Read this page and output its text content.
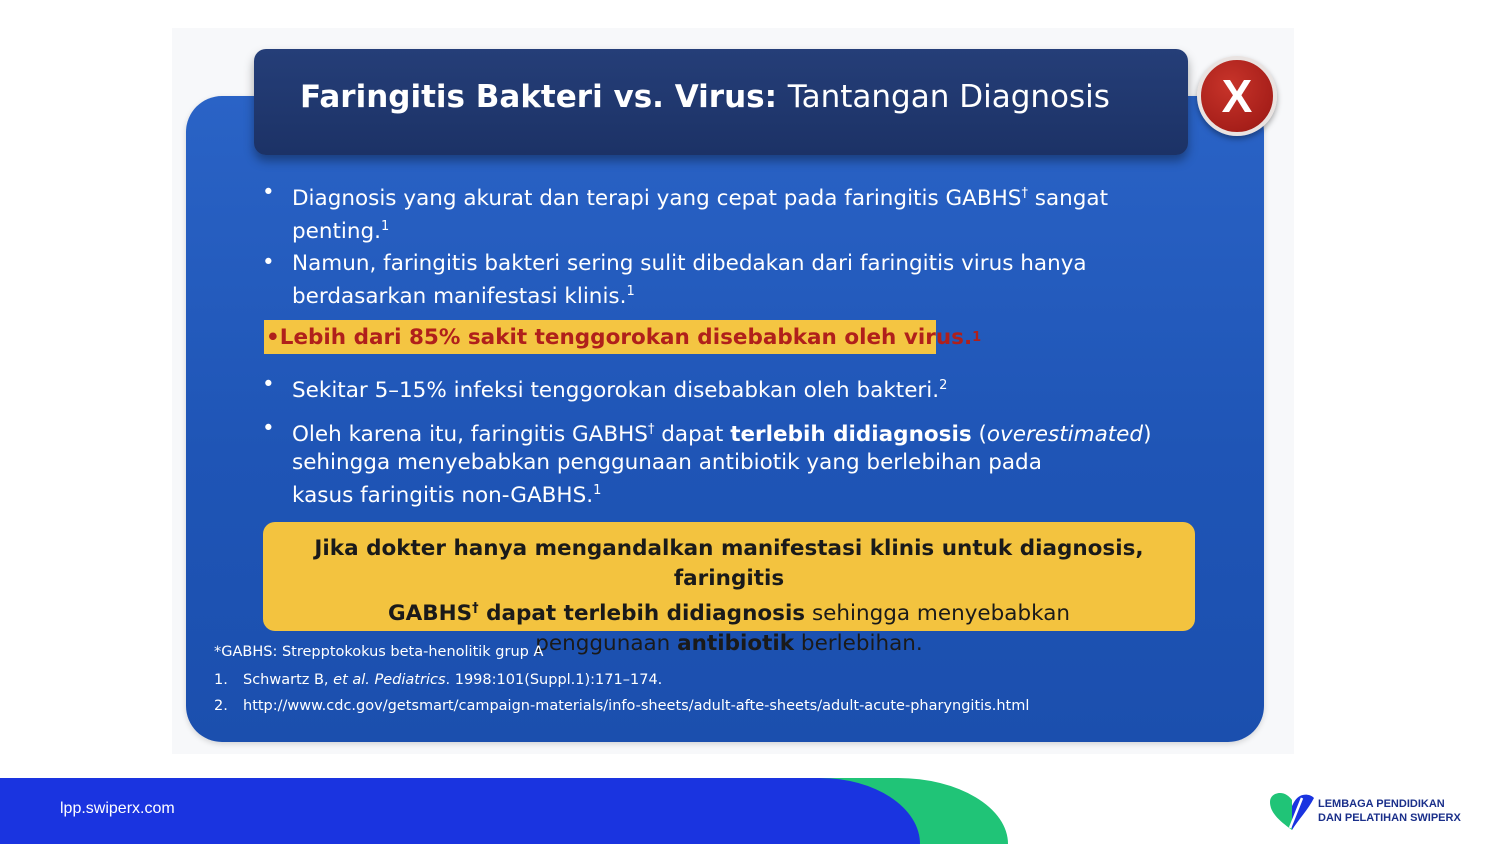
Faringitis Bakteri vs. Virus: Tantangan Diagnosis X
• Diagnosis yang akurat dan terapi yang cepat pada faringitis GABHS† sangat
penting.$^1$
• Namun, faringitis bakteri sering sulit dibedakan dari faringitis virus hanya
berdasarkan manifestasi klinis.$^1$
• Sekitar 5–15% infeksi tenggorokan disebabkan oleh bakteri.$^2$
• Oleh karena itu, faringitis GABHS† dapat terlebih didiagnosis (overestimated)
sehingga menyebabkan penggunaan antibiotik yang berlebihan pada
kasus faringitis non-GABHS.$^1$
• Lebih dari 85% sakit tenggorokan disebabkan oleh virus. 1
Jika dokter hanya mengandalkan manifestasi klinis untuk diagnosis, faringitis
GABHS† dapat terlebih didiagnosis sehingga menyebabkan
penggunaan antibiotik berlebihan.
*GABHS: Strepptokokus beta-henolitik grup A
1. Schwartz B, et al. Pediatrics. 1998:101(Suppl.1):171–174.
2. http://www.cdc.gov/getsmart/campaign-materials/info-sheets/adult-afte-sheets/adult-acute-pharyngitis.html
lpp.swiperx.com	LEMBAGA PENDIDIKAN
DAN PELATIHAN SWIPERX
